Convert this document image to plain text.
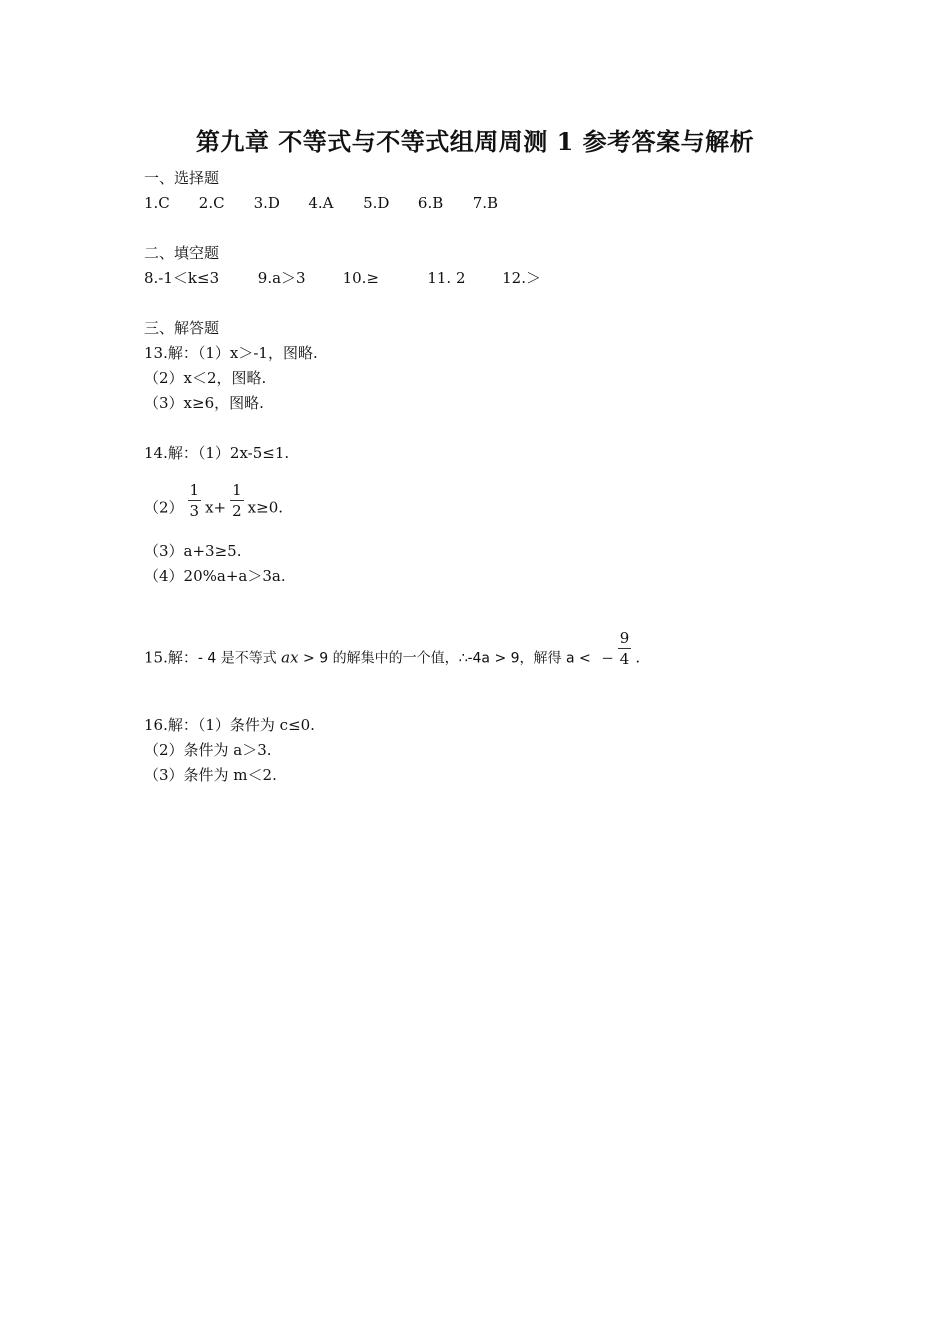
第九章 不等式与不等式组周周测 1 参考答案与解析
一、选择题
1.C 2.C 3.D 4.A 5.D 6.B 7.B
二、填空题
8.-1＜k≤3	9.a＞3 10.≥	11. 2 12.＞
三、解答题
13.解：（1）x＞-1，图略.
（2）x＜2，图略.
（3）x≥6，图略.
14.解：（1）2x-5≤1.
$(2) \frac{1}{3} x+ \frac{1}{2} x\ge 0$.
（3）a+3≥5.
（4）20%a+a＞3a.
15.解：- 4 是不等式 ax > 9 的解集中的一个值，∴-4a > 9，解得 a < − $\frac{9}{4}$ .
16.解：（1）条件为 c≤0.
（2）条件为 a＞3.
（3）条件为 m＜2.
